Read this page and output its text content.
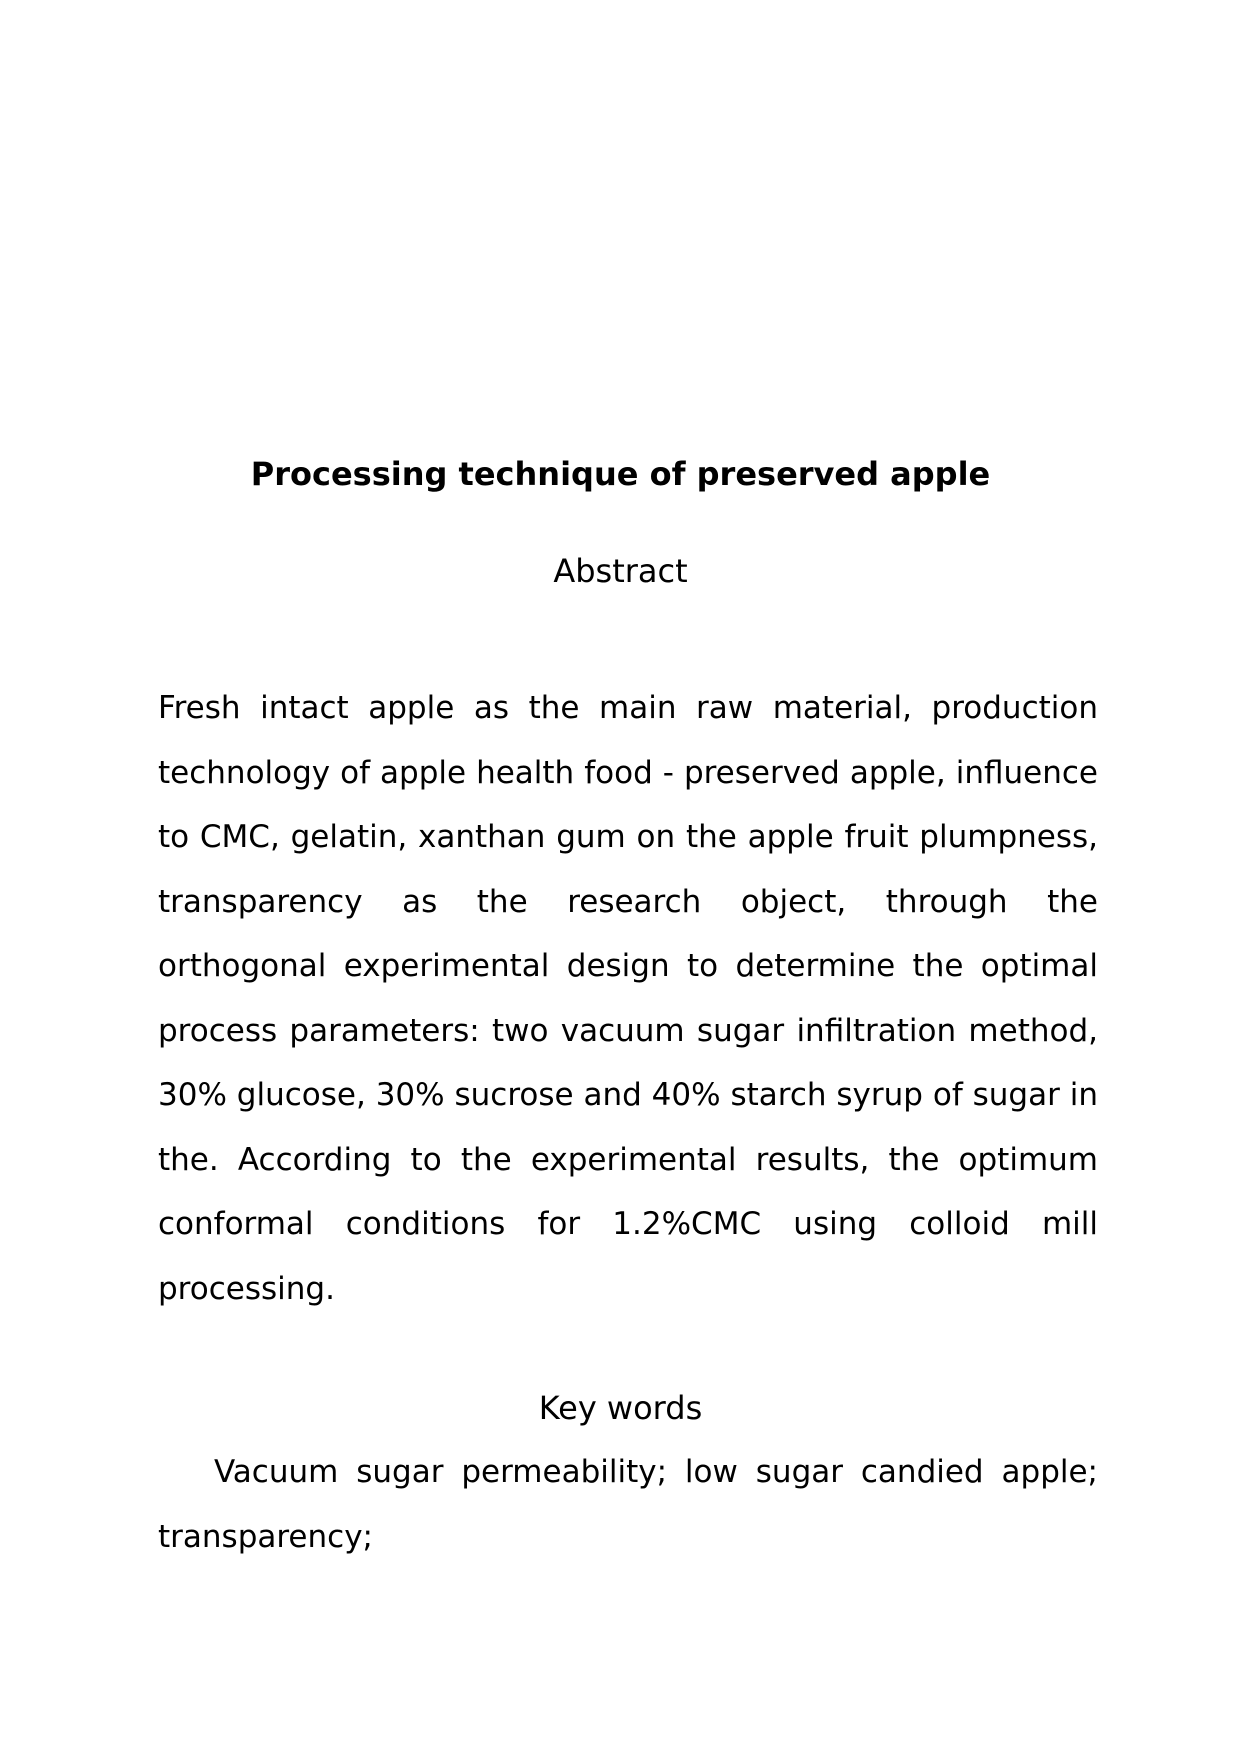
Processing technique of preserved apple
Abstract

Fresh intact apple as the main raw material, production technology of apple health food - preserved apple, influence to CMC, gelatin, xanthan gum on the apple fruit plumpness, transparency as the research object, through the orthogonal experimental design to determine the optimal process parameters: two vacuum sugar infiltration method, 30% glucose, 30% sucrose and 40% starch syrup of sugar in the. According to the experimental results, the optimum conformal conditions for 1.2%CMC using colloid mill processing.

Key words

Vacuum sugar permeability; low sugar candied apple; transparency;
